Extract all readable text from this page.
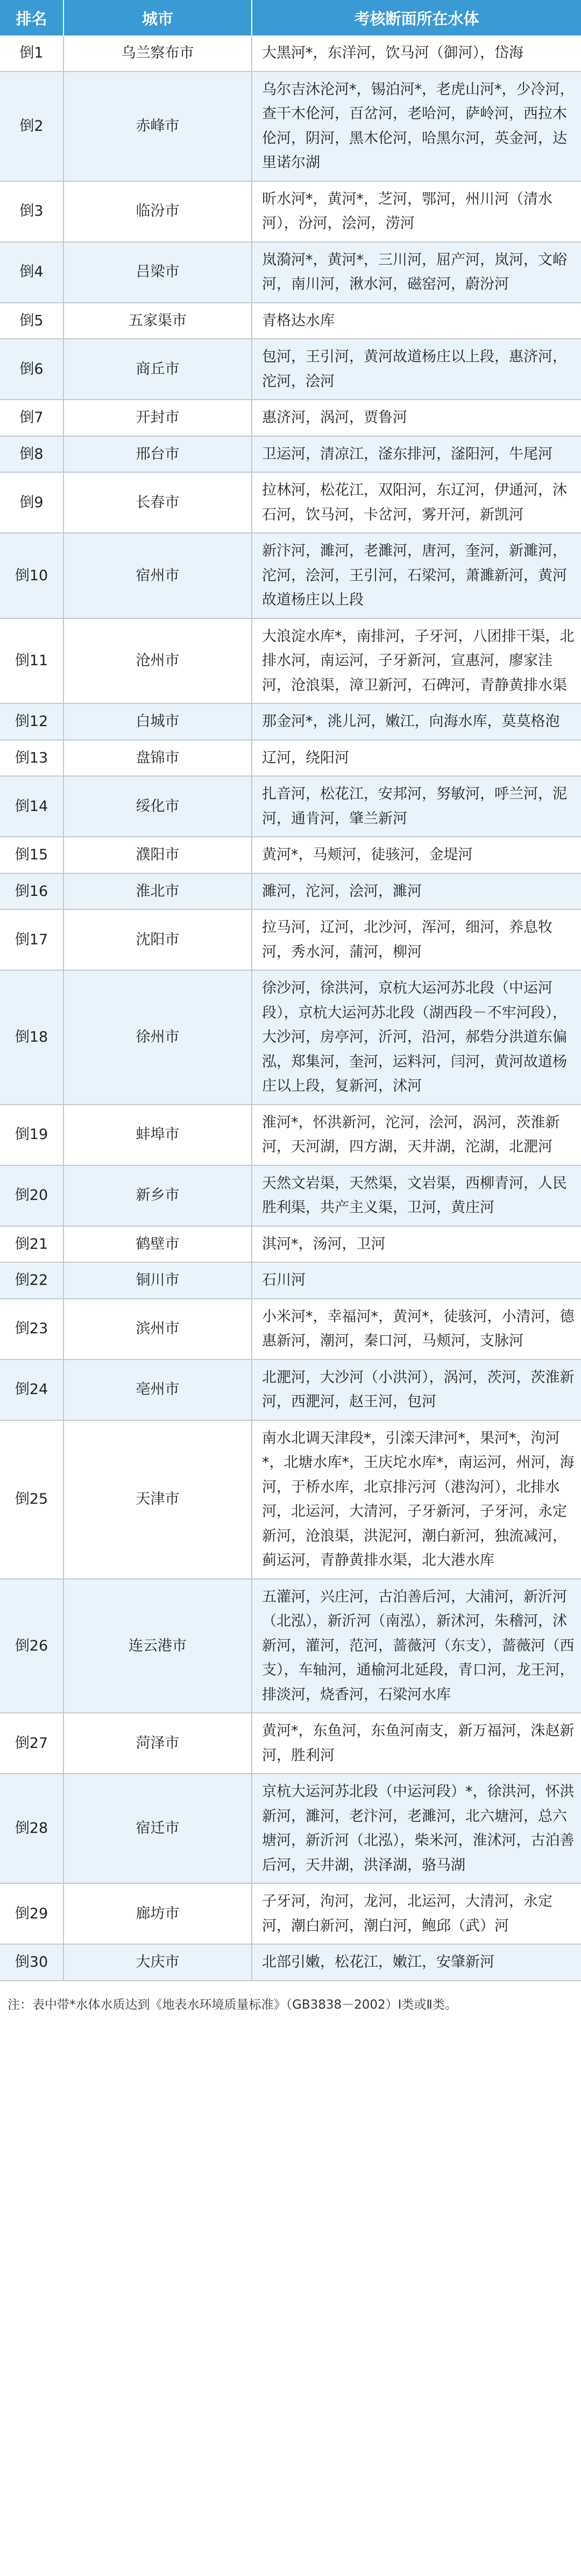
排名	城市	考核断面所在水体
倒1	乌兰察布市	大黑河*，东洋河，饮马河（御河），岱海
倒2	赤峰市	乌尔吉沐沦河*，锡泊河*，老虎山河*，少冷河，查干木伦河，百岔河，老哈河，萨岭河，西拉木伦河，阴河，黑木伦河，哈黑尔河，英金河，达里诺尔湖
倒3	临汾市	昕水河*，黄河*，芝河，鄂河，州川河（清水河），汾河，浍河，涝河
倒4	吕梁市	岚漪河*，黄河*，三川河，屈产河，岚河，文峪河，南川河，湫水河，磁窑河，蔚汾河
倒5	五家渠市	青格达水库
倒6	商丘市	包河，王引河，黄河故道杨庄以上段，惠济河，沱河，浍河
倒7	开封市	惠济河，涡河，贾鲁河
倒8	邢台市	卫运河，清凉江，滏东排河，滏阳河，牛尾河
倒9	长春市	拉林河，松花江，双阳河，东辽河，伊通河，沐石河，饮马河，卡岔河，雾开河，新凯河
倒10	宿州市	新汴河，濉河，老濉河，唐河，奎河，新濉河，沱河，浍河，王引河，石梁河，萧濉新河，黄河故道杨庄以上段
倒11	沧州市	大浪淀水库*，南排河，子牙河，八团排干渠，北排水河，南运河，子牙新河，宣惠河，廖家洼河，沧浪渠，漳卫新河，石碑河，青静黄排水渠
倒12	白城市	那金河*，洮儿河，嫩江，向海水库，莫莫格泡
倒13	盘锦市	辽河，绕阳河
倒14	绥化市	扎音河，松花江，安邦河，努敏河，呼兰河，泥河，通肯河，肇兰新河
倒15	濮阳市	黄河*，马颊河，徒骇河，金堤河
倒16	淮北市	濉河，沱河，浍河，濉河
倒17	沈阳市	拉马河，辽河，北沙河，浑河，细河，养息牧河，秀水河，蒲河，柳河
倒18	徐州市	徐沙河，徐洪河，京杭大运河苏北段（中运河段），京杭大运河苏北段（湖西段－不牢河段），大沙河，房亭河，沂河，沿河，郝砦分洪道东偏泓，郑集河，奎河，运料河，闫河，黄河故道杨庄以上段，复新河，沭河
倒19	蚌埠市	淮河*，怀洪新河，沱河，浍河，涡河，茨淮新河，天河湖，四方湖，天井湖，沱湖，北淝河
倒20	新乡市	天然文岩渠，天然渠，文岩渠，西柳青河，人民胜利渠，共产主义渠，卫河，黄庄河
倒21	鹤壁市	淇河*，汤河，卫河
倒22	铜川市	石川河
倒23	滨州市	小米河*，幸福河*，黄河*，徒骇河，小清河，德惠新河，潮河，秦口河，马颊河，支脉河
倒24	亳州市	北淝河，大沙河（小洪河），涡河，茨河，茨淮新河，西淝河，赵王河，包河
倒25	天津市	南水北调天津段*，引滦天津河*，果河*，泃河*，北塘水库*，王庆坨水库*，南运河，州河，海河，于桥水库，北京排污河（港沟河），北排水河，北运河，大清河，子牙新河，子牙河，永定新河，沧浪渠，洪泥河，潮白新河，独流减河，蓟运河，青静黄排水渠，北大港水库
倒26	连云港市	五灌河，兴庄河，古泊善后河，大浦河，新沂河（北泓），新沂河（南泓），新沭河，朱稽河，沭新河，灌河，范河，蔷薇河（东支），蔷薇河（西支），车轴河，通榆河北延段，青口河，龙王河，排淡河，烧香河，石梁河水库
倒27	菏泽市	黄河*，东鱼河，东鱼河南支，新万福河，洙赵新河，胜利河
倒28	宿迁市	京杭大运河苏北段（中运河段）*，徐洪河，怀洪新河，濉河，老汴河，老濉河，北六塘河，总六塘河，新沂河（北泓），柴米河，淮沭河，古泊善后河，天井湖，洪泽湖，骆马湖
倒29	廊坊市	子牙河，泃河，龙河，北运河，大清河，永定河，潮白新河，潮白河，鲍邱（武）河
倒30	大庆市	北部引嫩，松花江，嫩江，安肇新河
注：表中带*水体水质达到《地表水环境质量标准》（GB3838－2002）Ⅰ类或Ⅱ类。
